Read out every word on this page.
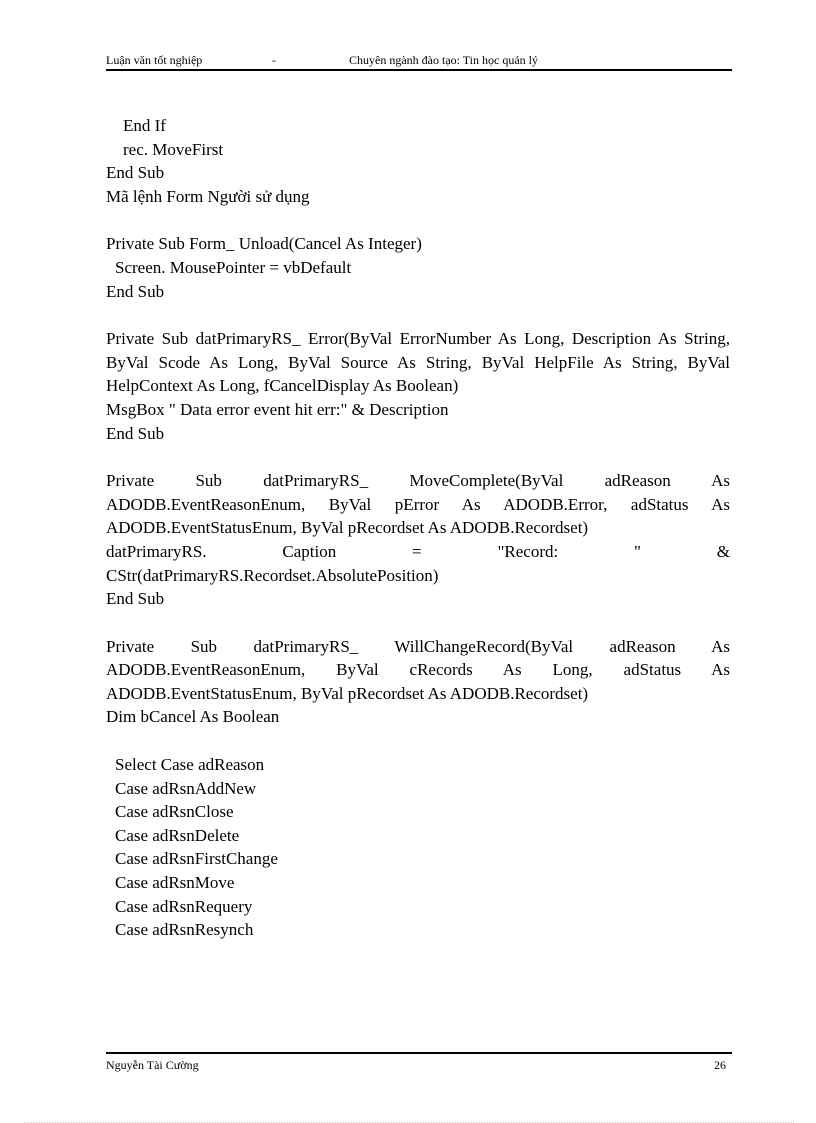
Luận văn tốt nghiệp	-	Chuyên ngành đào tạo: Tin học quản lý
End If
rec. MoveFirst
End Sub
Mã lệnh Form Người sử dụng
Private Sub Form_ Unload(Cancel As Integer)
Screen. MousePointer = vbDefault
End Sub
Private Sub datPrimaryRS_ Error(ByVal ErrorNumber As Long, Description As String, ByVal Scode As Long, ByVal Source As String, ByVal HelpFile As String, ByVal HelpContext As Long, fCancelDisplay As Boolean)
MsgBox " Data error event hit err:" & Description
End Sub
Private Sub datPrimaryRS_ MoveComplete(ByVal adReason As ADODB.EventReasonEnum, ByVal pError As ADODB.Error, adStatus As ADODB.EventStatusEnum, ByVal pRecordset As ADODB.Recordset)
datPrimaryRS. Caption = "Record: " &
CStr(datPrimaryRS.Recordset.AbsolutePosition)
End Sub
Private Sub datPrimaryRS_ WillChangeRecord(ByVal adReason As ADODB.EventReasonEnum, ByVal cRecords As Long, adStatus As ADODB.EventStatusEnum, ByVal pRecordset As ADODB.Recordset)
Dim bCancel As Boolean
Select Case adReason
Case adRsnAddNew
Case adRsnClose
Case adRsnDelete
Case adRsnFirstChange
Case adRsnMove
Case adRsnRequery
Case adRsnResynch
Nguyễn Tài Cường	26
